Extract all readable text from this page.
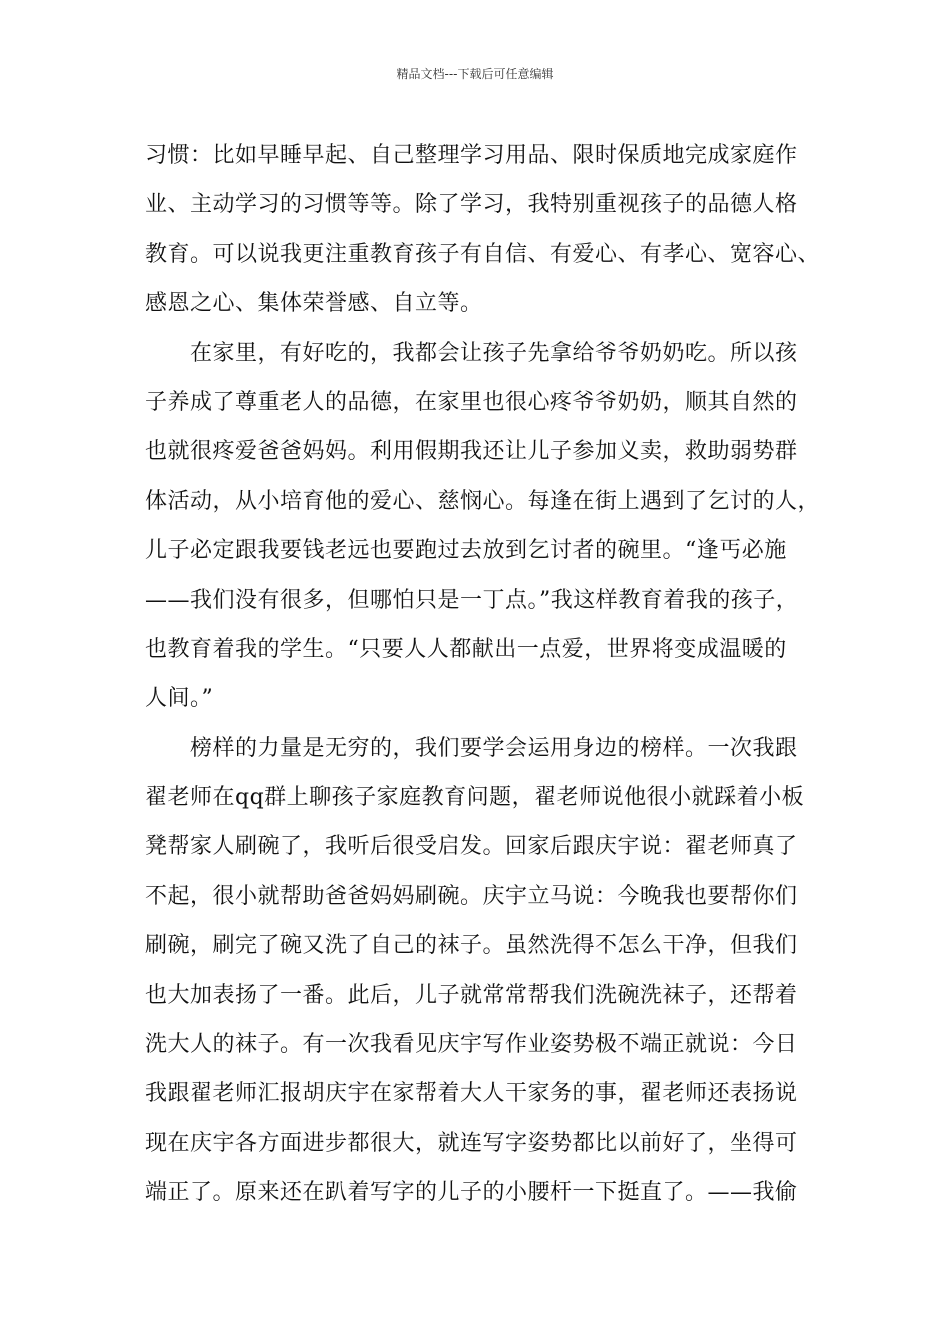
精品文档---下载后可任意编辑
习惯：比如早睡早起、自己整理学习用品、限时保质地完成家庭作
业、主动学习的习惯等等。除了学习，我特别重视孩子的品德人格
教育。可以说我更注重教育孩子有自信、有爱心、有孝心、宽容心、
感恩之心、集体荣誉感、自立等。
　　在家里，有好吃的，我都会让孩子先拿给爷爷奶奶吃。所以孩
子养成了尊重老人的品德，在家里也很心疼爷爷奶奶，顺其自然的
也就很疼爱爸爸妈妈。利用假期我还让儿子参加义卖，救助弱势群
体活动，从小培育他的爱心、慈悯心。每逢在街上遇到了乞讨的人，
儿子必定跟我要钱老远也要跑过去放到乞讨者的碗里。“逢丐必施
——我们没有很多，但哪怕只是一丁点。”我这样教育着我的孩子，
也教育着我的学生。“只要人人都献出一点爱，世界将变成温暖的
人间。”
　　榜样的力量是无穷的，我们要学会运用身边的榜样。一次我跟
翟老师在qq群上聊孩子家庭教育问题，翟老师说他很小就踩着小板
凳帮家人刷碗了，我听后很受启发。回家后跟庆宇说：翟老师真了
不起，很小就帮助爸爸妈妈刷碗。庆宇立马说：今晚我也要帮你们
刷碗，刷完了碗又洗了自己的袜子。虽然洗得不怎么干净，但我们
也大加表扬了一番。此后，儿子就常常帮我们洗碗洗袜子，还帮着
洗大人的袜子。有一次我看见庆宇写作业姿势极不端正就说：今日
我跟翟老师汇报胡庆宇在家帮着大人干家务的事，翟老师还表扬说
现在庆宇各方面进步都很大，就连写字姿势都比以前好了，坐得可
端正了。原来还在趴着写字的儿子的小腰杆一下挺直了。——我偷
